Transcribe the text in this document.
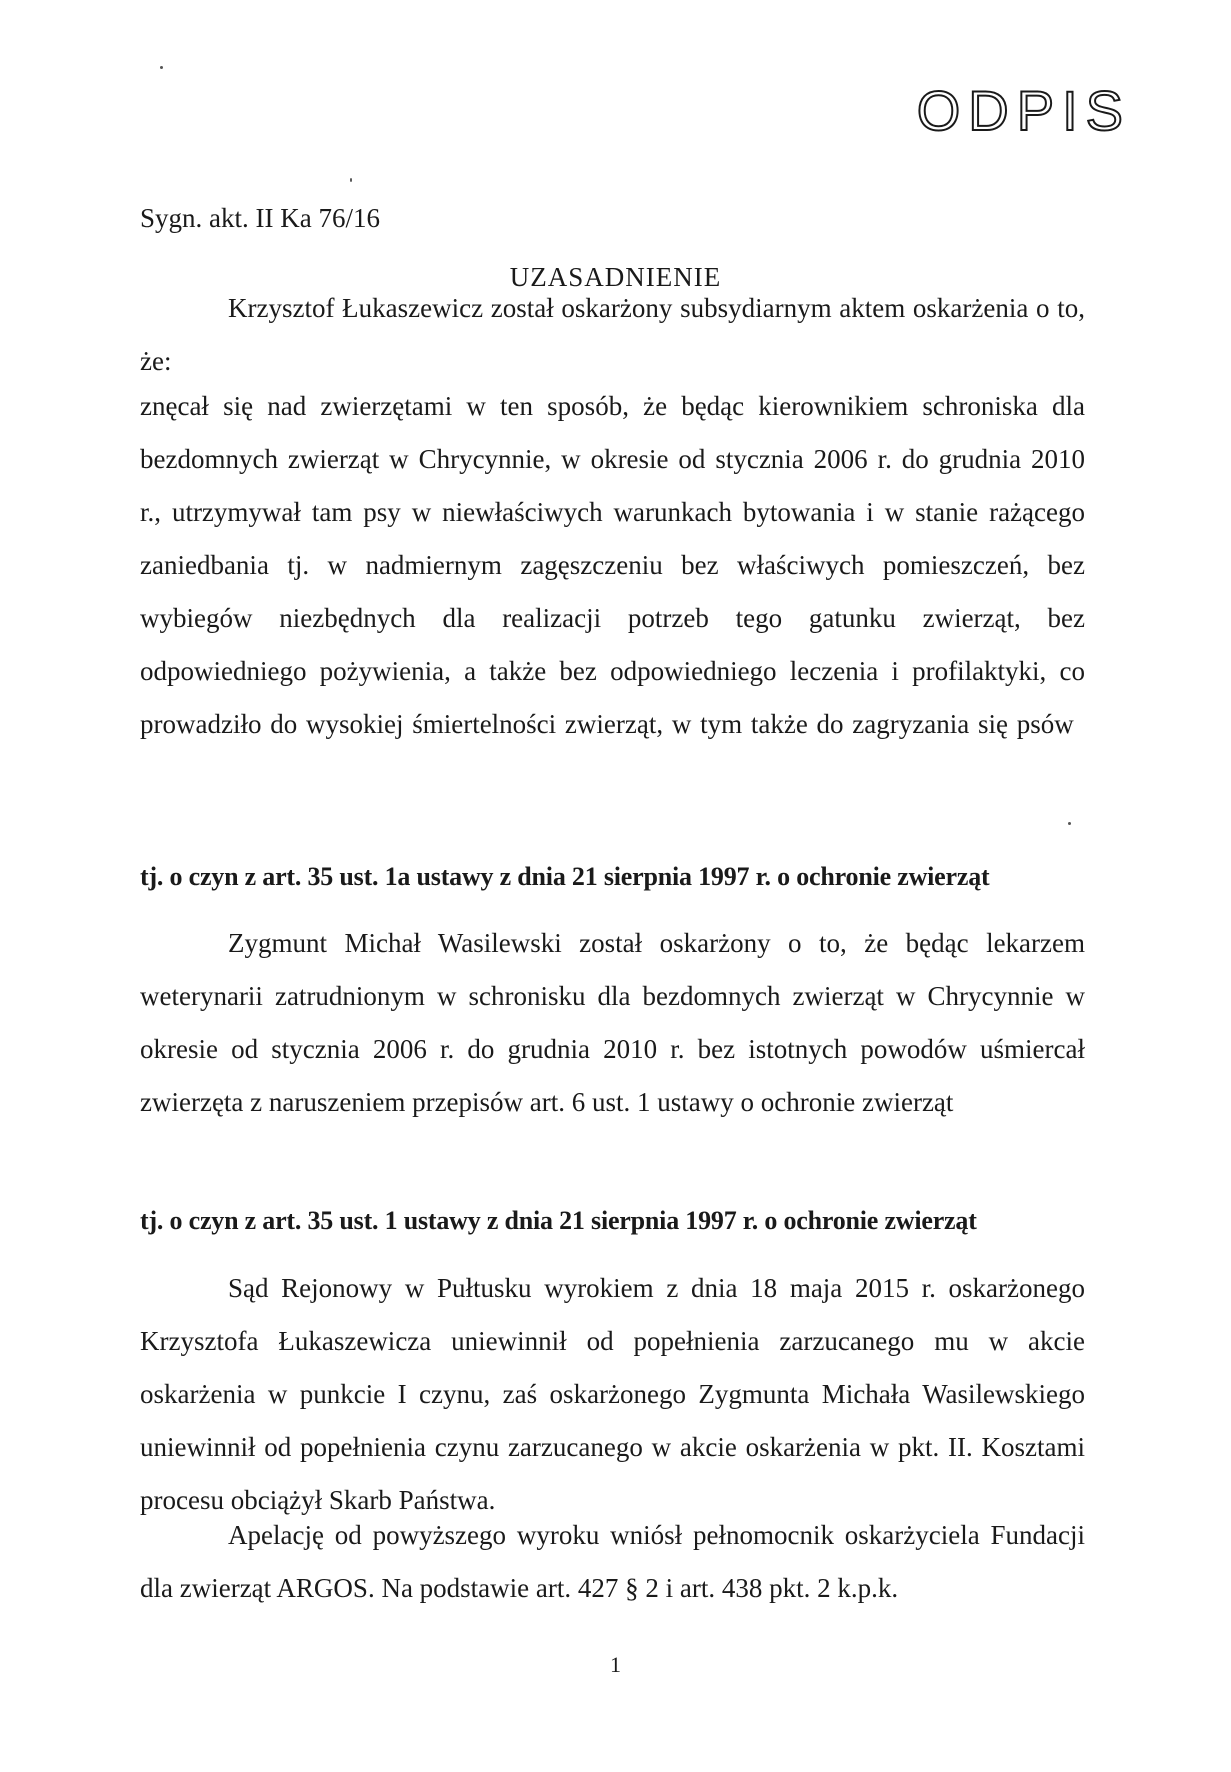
ODPIS
Sygn. akt. II Ka 76/16
UZASADNIENIE

Krzysztof Łukaszewicz został oskarżony subsydiarnym aktem oskarżenia o to, że:

znęcał się nad zwierzętami w ten sposób, że będąc kierownikiem schroniska dla bezdomnych zwierząt w Chrycynnie, w okresie od stycznia 2006 r. do grudnia 2010 r., utrzymywał tam psy w niewłaściwych warunkach bytowania i w stanie rażącego zaniedbania tj. w nadmiernym zagęszczeniu bez właściwych pomieszczeń, bez wybiegów niezbędnych dla realizacji potrzeb tego gatunku zwierząt, bez odpowiedniego pożywienia, a także bez odpowiedniego leczenia i profilaktyki, co prowadziło do wysokiej śmiertelności zwierząt, w tym także do zagryzania się psów

tj. o czyn z art. 35 ust. 1a ustawy z dnia 21 sierpnia 1997 r. o ochronie zwierząt

Zygmunt Michał Wasilewski został oskarżony o to, że będąc lekarzem weterynarii zatrudnionym w schronisku dla bezdomnych zwierząt w Chrycynnie w okresie od stycznia 2006 r. do grudnia 2010 r. bez istotnych powodów uśmiercał zwierzęta z naruszeniem przepisów art. 6 ust. 1 ustawy o ochronie zwierząt

tj. o czyn z art. 35 ust. 1 ustawy z dnia 21 sierpnia 1997 r. o ochronie zwierząt

Sąd Rejonowy w Pułtusku wyrokiem z dnia 18 maja 2015 r. oskarżonego Krzysztofa Łukaszewicza uniewinnił od popełnienia zarzucanego mu w akcie oskarżenia w punkcie I czynu, zaś oskarżonego Zygmunta Michała Wasilewskiego uniewinnił od popełnienia czynu zarzucanego w akcie oskarżenia w pkt. II. Kosztami procesu obciążył Skarb Państwa.

Apelację od powyższego wyroku wniósł pełnomocnik oskarżyciela Fundacji dla zwierząt ARGOS. Na podstawie art. 427 § 2 i art. 438 pkt. 2 k.p.k.

1
